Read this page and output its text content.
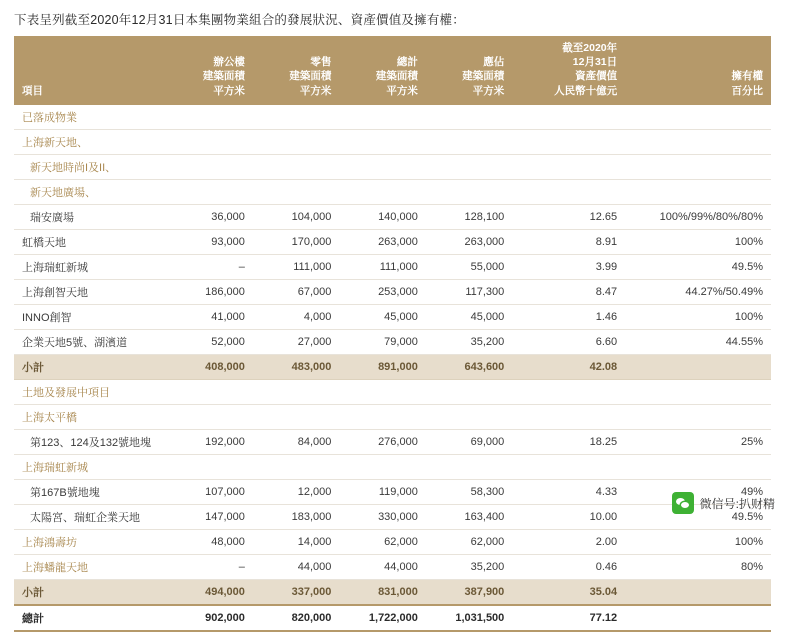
下表呈列截至2020年12月31日本集團物業組合的發展狀況、資產價值及擁有權：
項目	辦公樓
建築面積
平方米	零售
建築面積
平方米	總計
建築面積
平方米	應佔
建築面積
平方米	截至2020年
12月31日
資產價值
人民幣十億元	擁有權
百分比

已落成物業						
上海新天地、						
新天地時尚I及II、						
新天地廣場、						
瑞安廣場	36,000	104,000	140,000	128,100	12.65	100%/99%/80%/80%
虹橋天地	93,000	170,000	263,000	263,000	8.91	100%
上海瑞虹新城	–	111,000	111,000	55,000	3.99	49.5%
上海創智天地	186,000	67,000	253,000	117,300	8.47	44.27%/50.49%
INNO創智	41,000	4,000	45,000	45,000	1.46	100%
企業天地5號、湖濱道	52,000	27,000	79,000	35,200	6.60	44.55%
小計	408,000	483,000	891,000	643,600	42.08	
土地及發展中項目						
上海太平橋						
第123、124及132號地塊	192,000	84,000	276,000	69,000	18.25	25%
上海瑞虹新城						
第167B號地塊	107,000	12,000	119,000	58,300	4.33	49%
太陽宮、瑞虹企業天地	147,000	183,000	330,000	163,400	10.00	49.5%
上海鴻壽坊	48,000	14,000	62,000	62,000	2.00	100%
上海蟠龍天地	–	44,000	44,000	35,200	0.46	80%
小計	494,000	337,000	831,000	387,900	35.04	
總計	902,000	820,000	1,722,000	1,031,500	77.12	
微信号:扒财精
